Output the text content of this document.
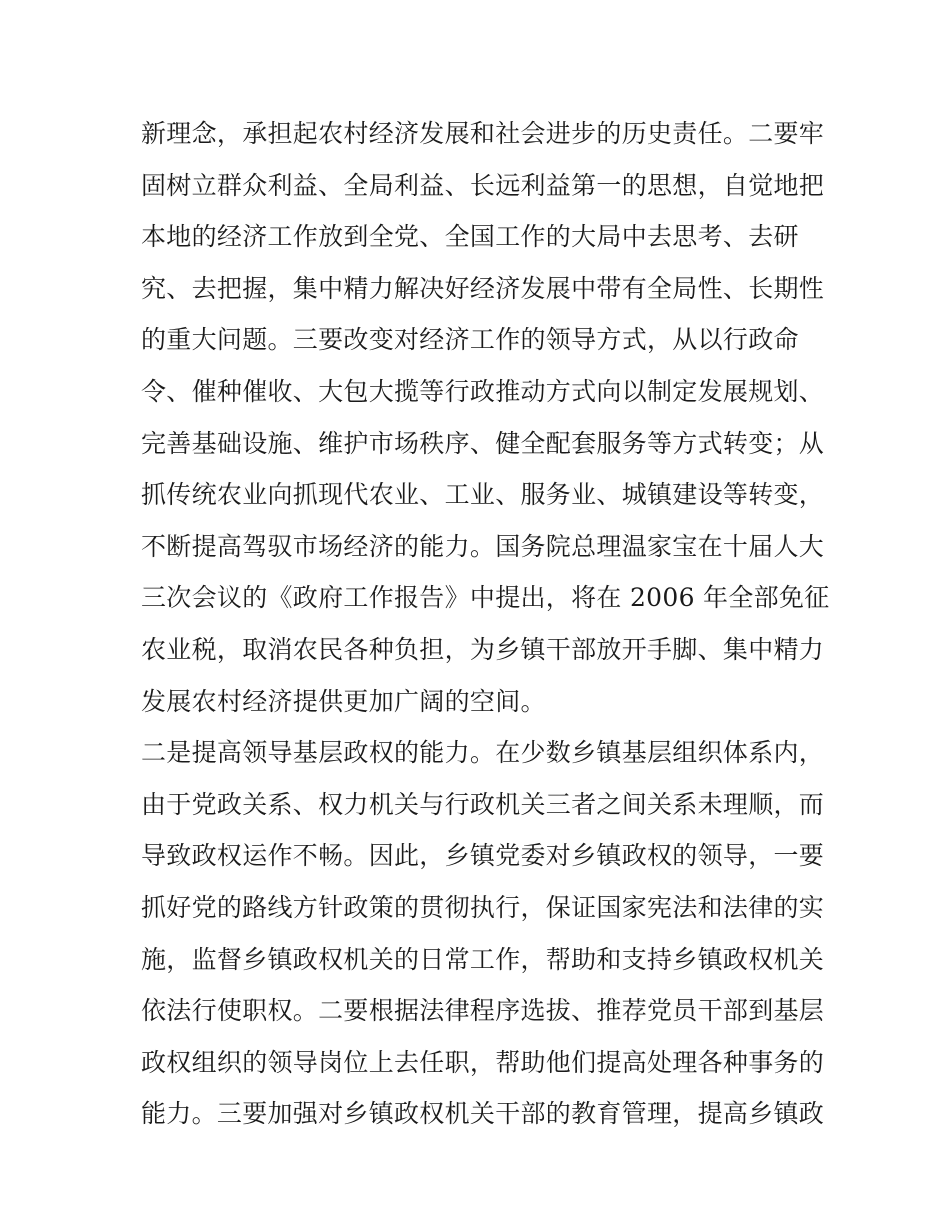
新理念，承担起农村经济发展和社会进步的历史责任。二要牢
固树立群众利益、全局利益、长远利益第一的思想，自觉地把
本地的经济工作放到全党、全国工作的大局中去思考、去研
究、去把握，集中精力解决好经济发展中带有全局性、长期性
的重大问题。三要改变对经济工作的领导方式，从以行政命
令、催种催收、大包大揽等行政推动方式向以制定发展规划、
完善基础设施、维护市场秩序、健全配套服务等方式转变；从
抓传统农业向抓现代农业、工业、服务业、城镇建设等转变，
不断提高驾驭市场经济的能力。国务院总理温家宝在十届人大
三次会议的《政府工作报告》中提出，将在 2006 年全部免征
农业税，取消农民各种负担，为乡镇干部放开手脚、集中精力
发展农村经济提供更加广阔的空间。
二是提高领导基层政权的能力。在少数乡镇基层组织体系内，
由于党政关系、权力机关与行政机关三者之间关系未理顺，而
导致政权运作不畅。因此，乡镇党委对乡镇政权的领导，一要
抓好党的路线方针政策的贯彻执行，保证国家宪法和法律的实
施，监督乡镇政权机关的日常工作，帮助和支持乡镇政权机关
依法行使职权。二要根据法律程序选拔、推荐党员干部到基层
政权组织的领导岗位上去任职，帮助他们提高处理各种事务的
能力。三要加强对乡镇政权机关干部的教育管理，提高乡镇政
